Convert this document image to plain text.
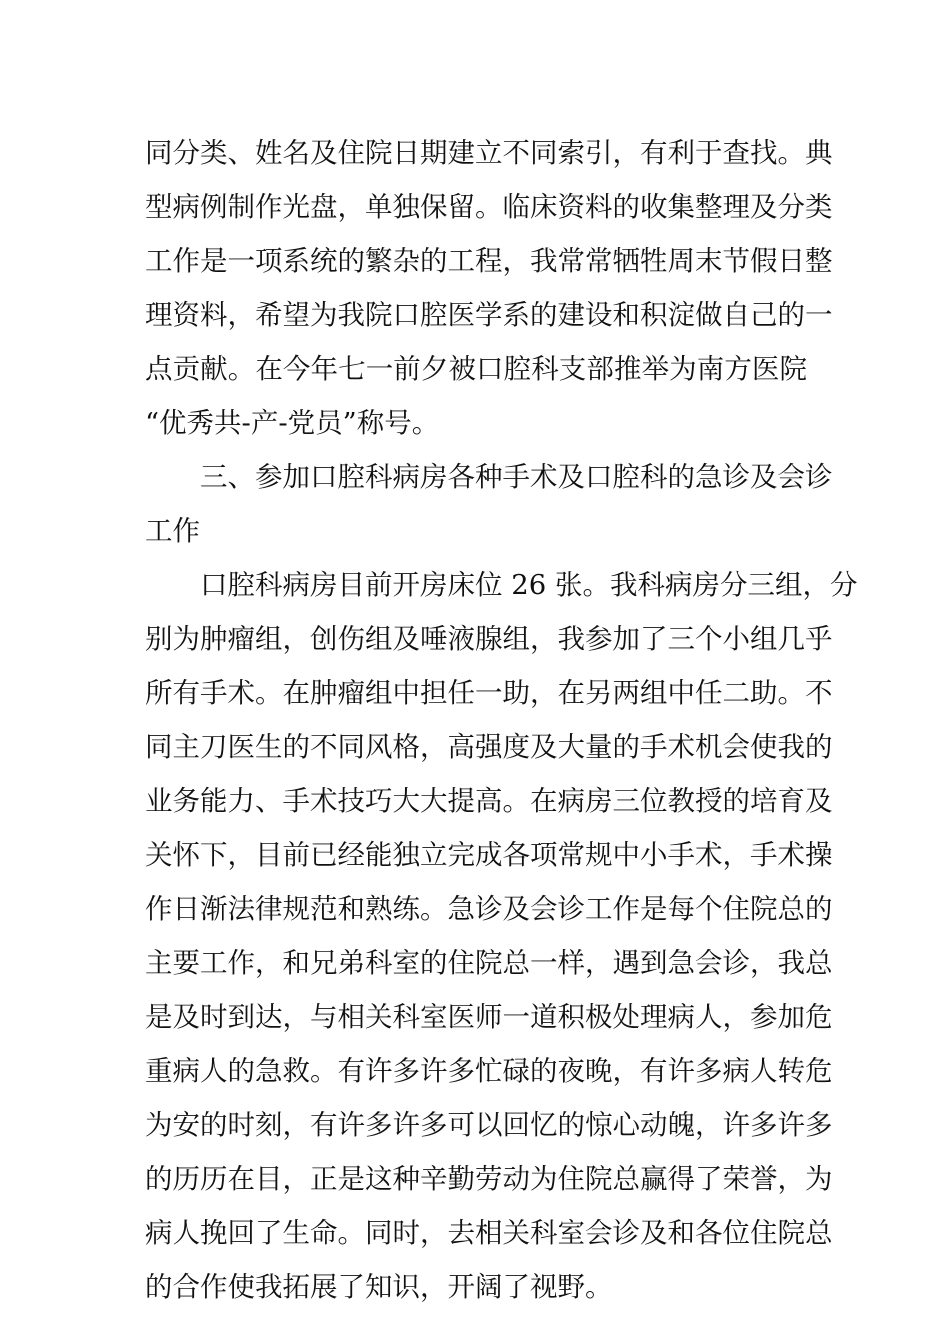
同分类、姓名及住院日期建立不同索引，有利于查找。典
型病例制作光盘，单独保留。临床资料的收集整理及分类
工作是一项系统的繁杂的工程，我常常牺牲周末节假日整
理资料，希望为我院口腔医学系的建设和积淀做自己的一
点贡献。在今年七一前夕被口腔科支部推举为南方医院
“优秀共-产-党员”称号。
三、参加口腔科病房各种手术及口腔科的急诊及会诊
工作
口腔科病房目前开房床位 26 张。我科病房分三组，分
别为肿瘤组，创伤组及唾液腺组，我参加了三个小组几乎
所有手术。在肿瘤组中担任一助，在另两组中任二助。不
同主刀医生的不同风格，高强度及大量的手术机会使我的
业务能力、手术技巧大大提高。在病房三位教授的培育及
关怀下，目前已经能独立完成各项常规中小手术，手术操
作日渐法律规范和熟练。急诊及会诊工作是每个住院总的
主要工作，和兄弟科室的住院总一样，遇到急会诊，我总
是及时到达，与相关科室医师一道积极处理病人，参加危
重病人的急救。有许多许多忙碌的夜晚，有许多病人转危
为安的时刻，有许多许多可以回忆的惊心动魄，许多许多
的历历在目，正是这种辛勤劳动为住院总赢得了荣誉，为
病人挽回了生命。同时，去相关科室会诊及和各位住院总
的合作使我拓展了知识，开阔了视野。
